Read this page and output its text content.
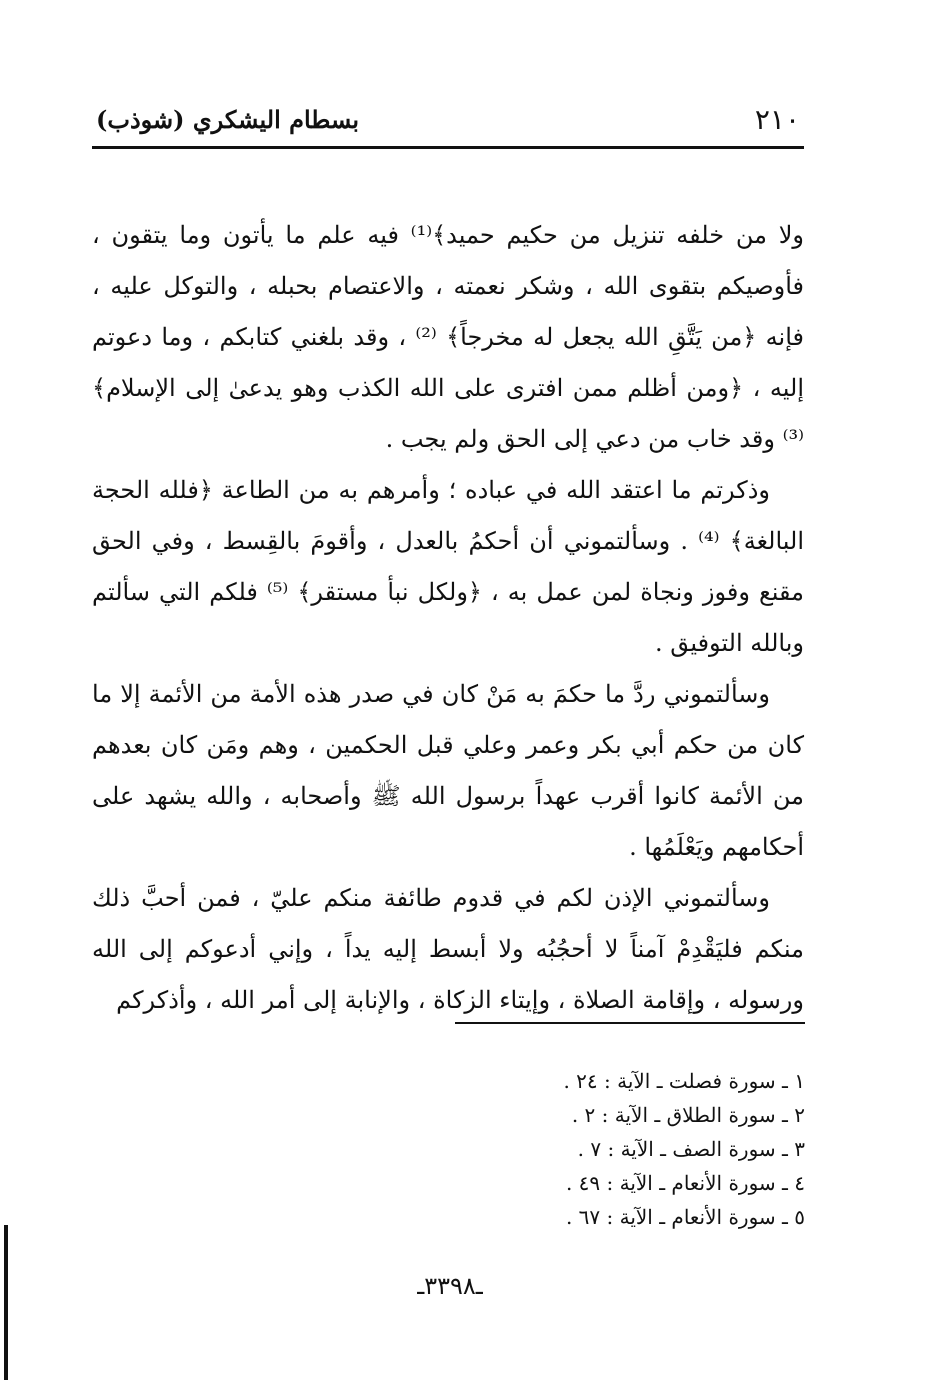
٢١٠
بسطام اليشكري (شوذب)

ولا من خلفه تنزيل من حكيم حميد﴾⁽¹⁾ فيه علم ما يأتون وما يتقون ، فأوصيكم بتقوى الله ، وشكر نعمته ، والاعتصام بحبله ، والتوكل عليه ، فإنه ﴿من يَتَّقِ الله يجعل له مخرجاً﴾ ⁽²⁾ ، وقد بلغني كتابكم ، وما دعوتم إليه ، ﴿ومن أظلم ممن افترى على الله الكذب وهو يدعىٰ إلى الإسلام﴾ ⁽³⁾ وقد خاب من دعي إلى الحق ولم يجب .

وذكرتم ما اعتقد الله في عباده ؛ وأمرهم به من الطاعة ﴿فلله الحجة البالغة﴾ ⁽⁴⁾ . وسألتموني أن أحكمُ بالعدل ، وأقومَ بالقِسط ، وفي الحق مقنع وفوز ونجاة لمن عمل به ، ﴿ولكل نبأ مستقر﴾ ⁽⁵⁾ فلكم التي سألتم وبالله التوفيق .

وسألتموني ردَّ ما حكمَ به مَنْ كان في صدر هذه الأمة من الأئمة إلا ما كان من حكم أبي بكر وعمر وعلي قبل الحكمين ، وهم ومَن كان بعدهم من الأئمة كانوا أقرب عهداً برسول الله ﷺ وأصحابه ، والله يشهد على أحكامهم ويَعْلَمُها .

وسألتموني الإذن لكم في قدوم طائفة منكم عليّ ، فمن أحبَّ ذلك منكم فليَقْدِمْ آمناً لا أحجُبُه ولا أبسط إليه يداً ، وإني أدعوكم إلى الله ورسوله ، وإقامة الصلاة ، وإيتاء الزكاة ، والإنابة إلى أمر الله ، وأذكركم

١ ـ سورة فصلت ـ الآية : ٢٤ .
٢ ـ سورة الطلاق ـ الآية : ٢ .
٣ ـ سورة الصف ـ الآية : ٧ .
٤ ـ سورة الأنعام ـ الآية : ٤٩ .
٥ ـ سورة الأنعام ـ الآية : ٦٧ .
ـ٣٣٩٨ـ
